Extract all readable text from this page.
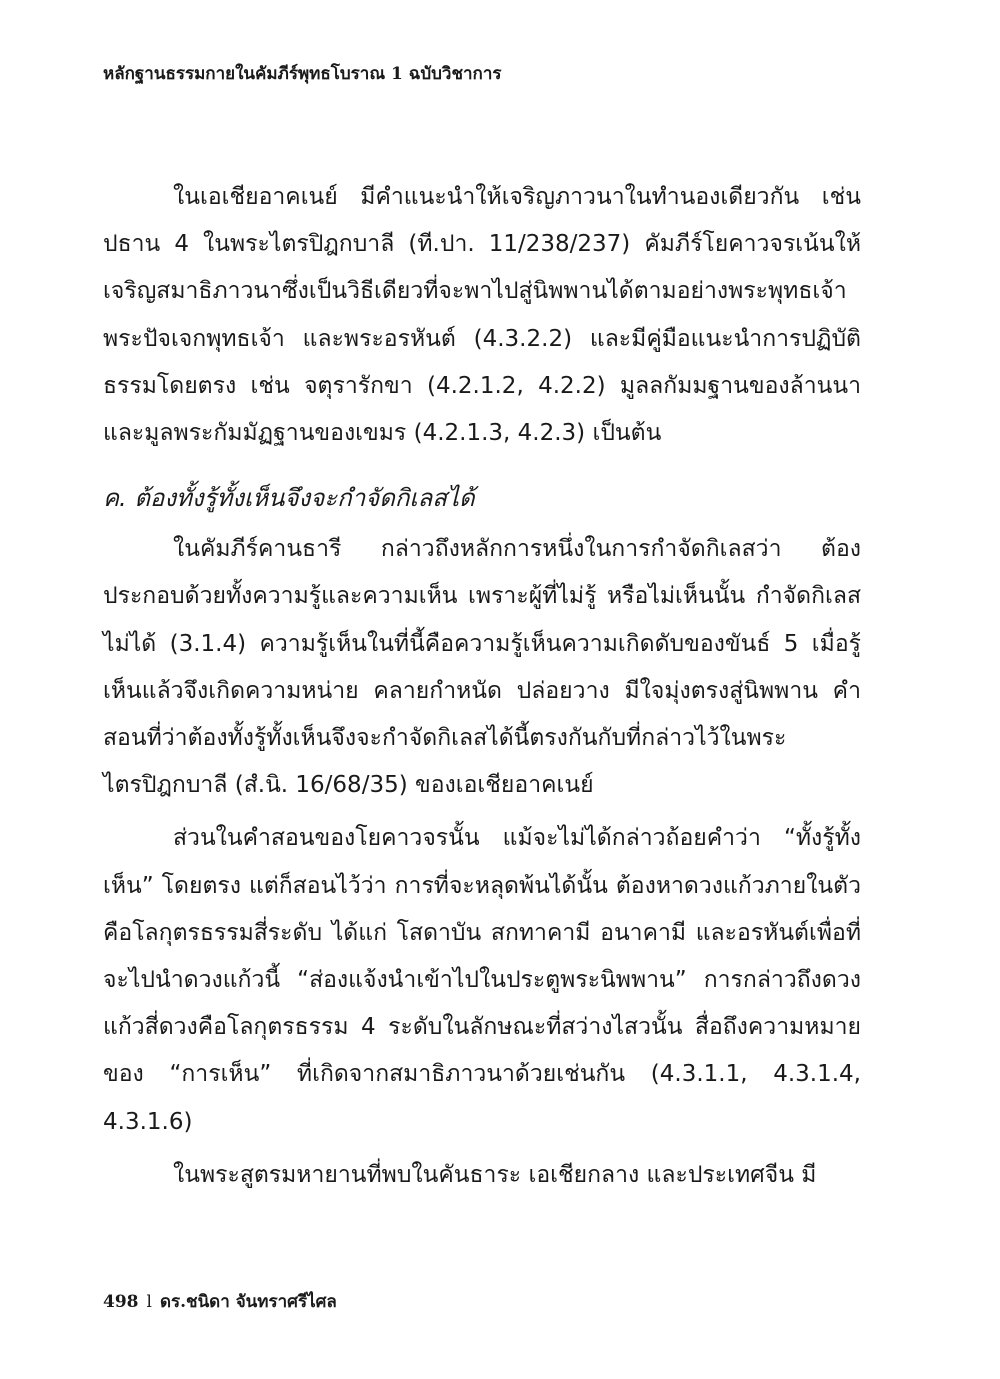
หลักฐานธรรมกายในคัมภีร์พุทธโบราณ 1 ฉบับวิชาการ

ในเอเชียอาคเนย์ มีคำแนะนำให้เจริญภาวนาในทำนองเดียวกัน เช่น ปธาน 4 ในพระไตรปิฎกบาลี (ที.ปา. 11/238/237) คัมภีร์โยคาวจรเน้นให้เจริญสมาธิภาวนาซึ่งเป็นวิธีเดียวที่จะพาไปสู่นิพพานได้ตามอย่างพระพุทธเจ้า พระปัจเจกพุทธเจ้า และพระอรหันต์ (4.3.2.2) และมีคู่มือแนะนำการปฏิบัติธรรมโดยตรง เช่น จตุรารักขา (4.2.1.2, 4.2.2) มูลลกัมมฐานของล้านนา และมูลพระกัมมัฏฐานของเขมร (4.2.1.3, 4.2.3) เป็นต้น

ค. ต้องทั้งรู้ทั้งเห็นจึงจะกำจัดกิเลสได้

ในคัมภีร์คานธารี กล่าวถึงหลักการหนึ่งในการกำจัดกิเลสว่า ต้องประกอบด้วยทั้งความรู้และความเห็น เพราะผู้ที่ไม่รู้ หรือไม่เห็นนั้น กำจัดกิเลสไม่ได้ (3.1.4) ความรู้เห็นในที่นี้คือความรู้เห็นความเกิดดับของขันธ์ 5 เมื่อรู้เห็นแล้วจึงเกิดความหน่าย คลายกำหนัด ปล่อยวาง มีใจมุ่งตรงสู่นิพพาน คำสอนที่ว่าต้องทั้งรู้ทั้งเห็นจึงจะกำจัดกิเลสได้นี้ตรงกันกับที่กล่าวไว้ในพระไตรปิฎกบาลี (สํ.นิ. 16/68/35) ของเอเชียอาคเนย์

ส่วนในคำสอนของโยคาวจรนั้น แม้จะไม่ได้กล่าวถ้อยคำว่า “ทั้งรู้ทั้งเห็น” โดยตรง แต่ก็สอนไว้ว่า การที่จะหลุดพ้นได้นั้น ต้องหาดวงแก้วภายในตัวคือโลกุตรธรรมสี่ระดับ ได้แก่ โสดาบัน สกทาคามี อนาคามี และอรหันต์เพื่อที่จะไปนำดวงแก้วนี้ “ส่องแจ้งนำเข้าไปในประตูพระนิพพาน” การกล่าวถึงดวงแก้วสี่ดวงคือโลกุตรธรรม 4 ระดับในลักษณะที่สว่างไสวนั้น สื่อถึงความหมายของ “การเห็น” ที่เกิดจากสมาธิภาวนาด้วยเช่นกัน (4.3.1.1, 4.3.1.4, 4.3.1.6)

ในพระสูตรมหายานที่พบในคันธาระ เอเชียกลาง และประเทศจีน มี

498 l ดร.ชนิดา จันทราศรีไศล
